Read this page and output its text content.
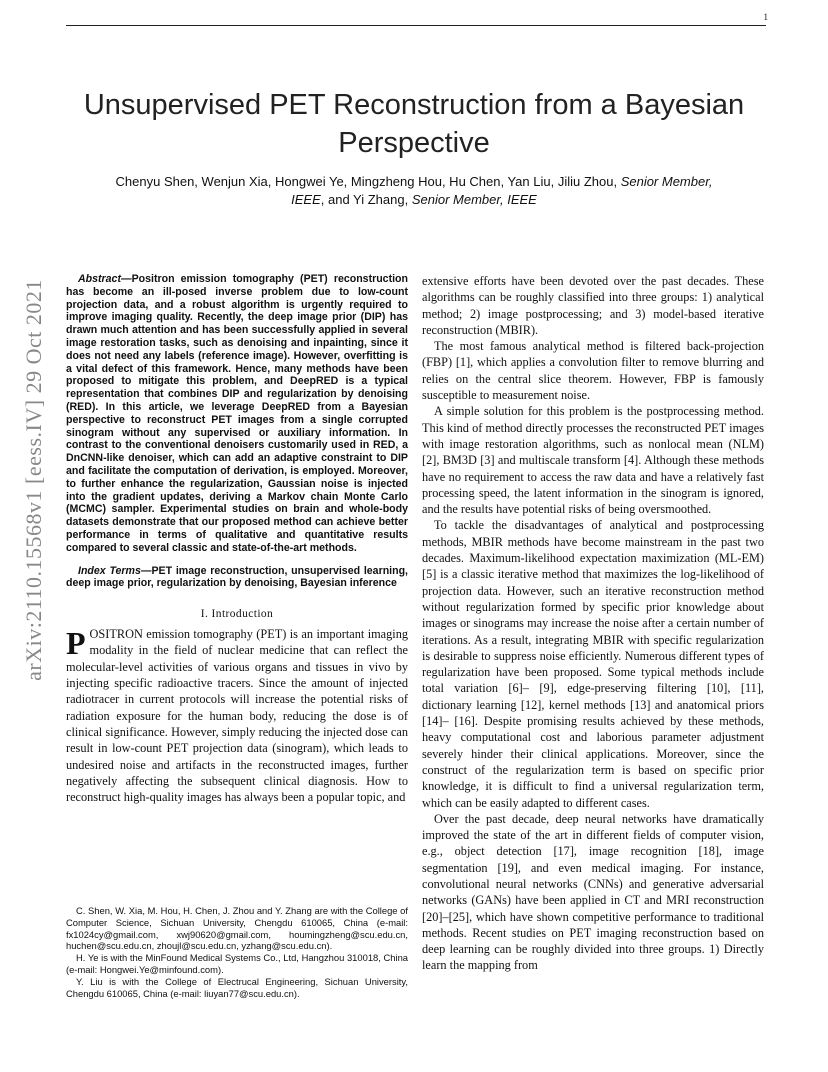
1
arXiv:2110.15568v1 [eess.IV] 29 Oct 2021
Unsupervised PET Reconstruction from a Bayesian Perspective
Chenyu Shen, Wenjun Xia, Hongwei Ye, Mingzheng Hou, Hu Chen, Yan Liu, Jiliu Zhou, Senior Member,
IEEE, and Yi Zhang, Senior Member, IEEE

Abstract—Positron emission tomography (PET) reconstruction has become an ill-posed inverse problem due to low-count projection data, and a robust algorithm is urgently required to improve imaging quality. Recently, the deep image prior (DIP) has drawn much attention and has been successfully applied in several image restoration tasks, such as denoising and inpainting, since it does not need any labels (reference image). However, overfitting is a vital defect of this framework. Hence, many methods have been proposed to mitigate this problem, and DeepRED is a typical representation that combines DIP and regularization by denoising (RED). In this article, we leverage DeepRED from a Bayesian perspective to reconstruct PET images from a single corrupted sinogram without any supervised or auxiliary information. In contrast to the conventional denoisers customarily used in RED, a DnCNN-like denoiser, which can add an adaptive constraint to DIP and facilitate the computation of derivation, is employed. Moreover, to further enhance the regularization, Gaussian noise is injected into the gradient updates, deriving a Markov chain Monte Carlo (MCMC) sampler. Experimental studies on brain and whole-body datasets demonstrate that our proposed method can achieve better performance in terms of qualitative and quantitative results compared to several classic and state-of-the-art methods.

Index Terms—PET image reconstruction, unsupervised learning, deep image prior, regularization by denoising, Bayesian inference

I. Introduction

POSITRON emission tomography (PET) is an important imaging modality in the field of nuclear medicine that can reflect the molecular-level activities of various organs and tissues in vivo by injecting specific radioactive tracers. Since the amount of injected radiotracer in current protocols will increase the potential risks of radiation exposure for the human body, reducing the dose is of clinical significance. However, simply reducing the injected dose can result in low-count PET projection data (sinogram), which leads to undesired noise and artifacts in the reconstructed images, further negatively affecting the subsequent clinical diagnosis. How to reconstruct high-quality images has always been a popular topic, and

C. Shen, W. Xia, M. Hou, H. Chen, J. Zhou and Y. Zhang are with the College of Computer Science, Sichuan University, Chengdu 610065, China (e-mail: fx1024cy@gmail.com, xwj90620@gmail.com, houmingzheng@scu.edu.cn, huchen@scu.edu.cn, zhoujl@scu.edu.cn, yzhang@scu.edu.cn).

H. Ye is with the MinFound Medical Systems Co., Ltd, Hangzhou 310018, China (e-mail: Hongwei.Ye@minfound.com).

Y. Liu is with the College of Electrucal Engineering, Sichuan University, Chengdu 610065, China (e-mail: liuyan77@scu.edu.cn).

extensive efforts have been devoted over the past decades. These algorithms can be roughly classified into three groups: 1) analytical method; 2) image postprocessing; and 3) model-based iterative reconstruction (MBIR).

The most famous analytical method is filtered back-projection (FBP) [1], which applies a convolution filter to remove blurring and relies on the central slice theorem. However, FBP is famously susceptible to measurement noise.

A simple solution for this problem is the postprocessing method. This kind of method directly processes the reconstructed PET images with image restoration algorithms, such as nonlocal mean (NLM) [2], BM3D [3] and multiscale transform [4]. Although these methods have no requirement to access the raw data and have a relatively fast processing speed, the latent information in the sinogram is ignored, and the results have potential risks of being oversmoothed.

To tackle the disadvantages of analytical and postprocessing methods, MBIR methods have become mainstream in the past two decades. Maximum-likelihood expectation maximization (ML-EM) [5] is a classic iterative method that maximizes the log-likelihood of projection data. However, such an iterative reconstruction method without regularization formed by specific prior knowledge about images or sinograms may increase the noise after a certain number of iterations. As a result, integrating MBIR with specific regularization is desirable to suppress noise efficiently. Numerous different types of regularization have been proposed. Some typical methods include total variation [6]– [9], edge-preserving filtering [10], [11], dictionary learning [12], kernel methods [13] and anatomical priors [14]– [16]. Despite promising results achieved by these methods, heavy computational cost and laborious parameter adjustment severely hinder their clinical applications. Moreover, since the construct of the regularization term is based on specific prior knowledge, it is difficult to find a universal regularization term, which can be easily adapted to different cases.

Over the past decade, deep neural networks have dramatically improved the state of the art in different fields of computer vision, e.g., object detection [17], image recognition [18], image segmentation [19], and even medical imaging. For instance, convolutional neural networks (CNNs) and generative adversarial networks (GANs) have been applied in CT and MRI reconstruction [20]–[25], which have shown competitive performance to traditional methods. Recent studies on PET imaging reconstruction based on deep learning can be roughly divided into three groups. 1) Directly learn the mapping from
